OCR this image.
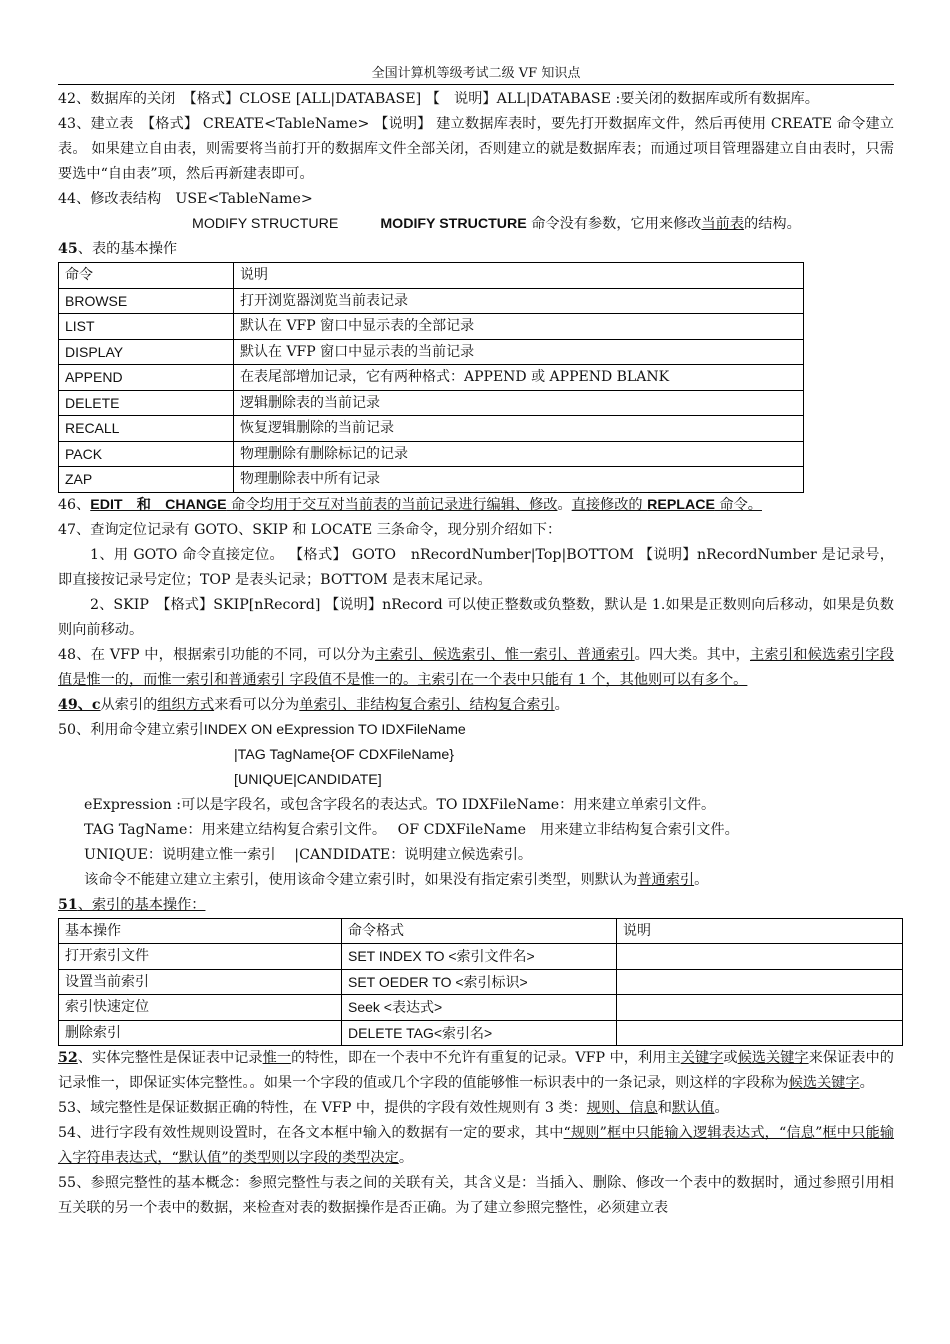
全国计算机等级考试二级 VF 知识点

42、数据库的关闭　【格式】CLOSE [ALL|DATABASE] 【　说明】ALL|DATABASE :要关闭的数据库或所有数据库。

43、建立表　【格式】 CREATE<TableName> 【说明】 建立数据库表时，要先打开数据库文件，然后再使用 CREATE 命令建立表。 如果建立自由表，则需要将当前打开的数据库文件全部关闭，否则建立的就是数据库表；而通过项目管理器建立自由表时，只需要选中“自由表”项，然后再新建表即可。

44、修改表结构　USE<TableName>

MODIFY STRUCTURE	MODIFY STRUCTURE 命令没有参数，它用来修改当前表的结构。

45、表的基本操作

命令	说明
BROWSE	打开浏览器浏览当前表记录
LIST	默认在 VFP 窗口中显示表的全部记录
DISPLAY	默认在 VFP 窗口中显示表的当前记录
APPEND	在表尾部增加记录，它有两种格式：APPEND 或 APPEND BLANK
DELETE	逻辑删除表的当前记录
RECALL	恢复逻辑删除的当前记录
PACK	物理删除有删除标记的记录
ZAP	物理删除表中所有记录

46、EDIT　和　CHANGE 命令均用于交互对当前表的当前记录进行编辑、修改。直接修改的 REPLACE 命令。

47、查询定位记录有 GOTO、SKIP 和 LOCATE 三条命令，现分别介绍如下：

1、用 GOTO 命令直接定位。 【格式】 GOTO　nRecordNumber|Top|BOTTOM 【说明】nRecordNumber 是记录号，即直接按记录号定位；TOP 是表头记录；BOTTOM 是表末尾记录。

2、SKIP　【格式】SKIP[nRecord] 【说明】nRecord 可以使正整数或负整数，默认是 1.如果是正数则向后移动，如果是负数则向前移动。

48、在 VFP 中，根据索引功能的不同，可以分为主索引、候选索引、惟一索引、普通索引。四大类。其中，主索引和候选索引字段值是惟一的，而惟一索引和普通索引 字段值不是惟一的。主索引在一个表中只能有 1 个，其他则可以有多个。

49、c从索引的组织方式来看可以分为单索引、非结构复合索引、结构复合索引。

50、利用命令建立索引INDEX ON eExpression TO IDXFileName

|TAG TagName{OF CDXFileName}

[UNIQUE|CANDIDATE]

eExpression :可以是字段名，或包含字段名的表达式。TO IDXFileName：用来建立单索引文件。

TAG TagName：用来建立结构复合索引文件。　 OF CDXFileName　用来建立非结构复合索引文件。

UNIQUE：说明建立惟一索引　 |CANDIDATE：说明建立候选索引。

该命令不能建立建立主索引，使用该命令建立索引时，如果没有指定索引类型，则默认为普通索引。

51、索引的基本操作：

基本操作	命令格式	说明
打开索引文件	SET INDEX TO <索引文件名>	
设置当前索引	SET OEDER TO <索引标识>	
索引快速定位	Seek <表达式>	
删除索引	DELETE TAG<索引名>	

52、实体完整性是保证表中记录惟一的特性，即在一个表中不允许有重复的记录。VFP 中，利用主关键字或候选关键字来保证表中的记录惟一，即保证实体完整性。。如果一个字段的值或几个字段的值能够惟一标识表中的一条记录，则这样的字段称为候选关键字。

53、域完整性是保证数据正确的特性，在 VFP 中，提供的字段有效性规则有 3 类：规则、信息和默认值。

54、进行字段有效性规则设置时，在各文本框中输入的数据有一定的要求，其中“规则”框中只能输入逻辑表达式，“信息”框中只能输入字符串表达式，“默认值”的类型则以字段的类型决定。

55、参照完整性的基本概念：参照完整性与表之间的关联有关，其含义是：当插入、删除、修改一个表中的数据时，通过参照引用相互关联的另一个表中的数据，来检查对表的数据操作是否正确。为了建立参照完整性，必须建立表
